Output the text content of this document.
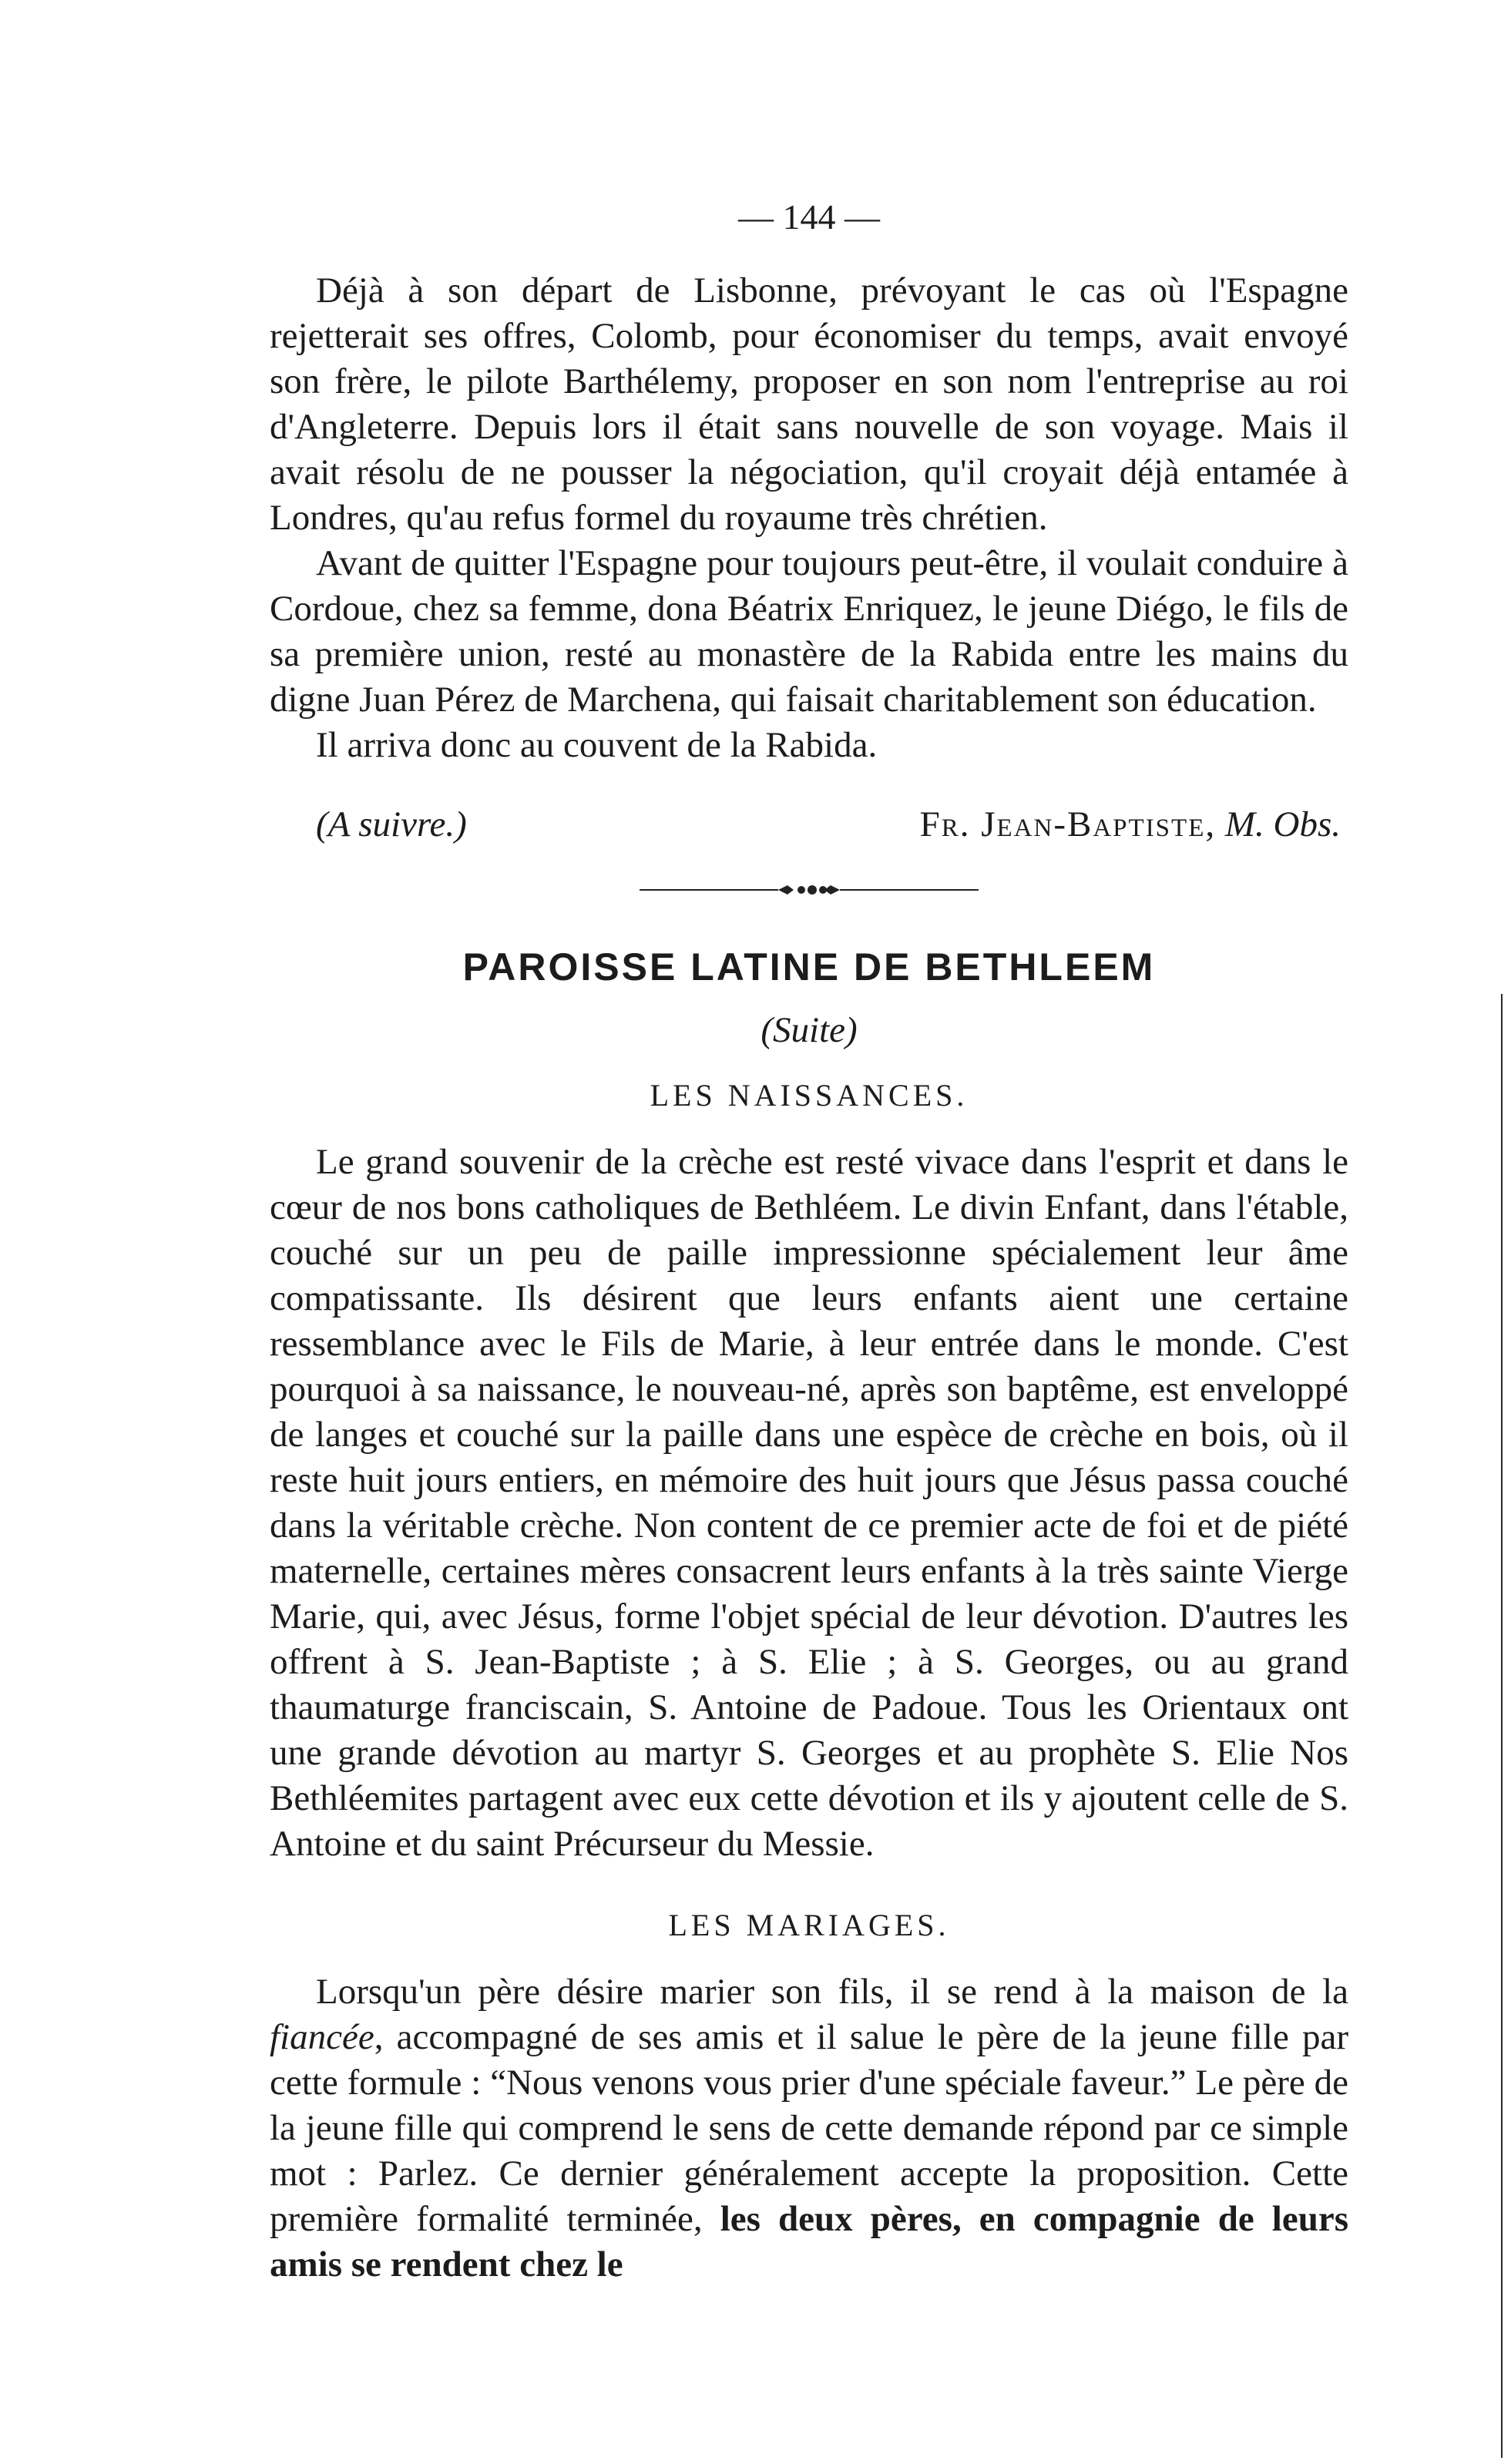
— 144 —

Déjà à son départ de Lisbonne, prévoyant le cas où l'Espagne rejetterait ses offres, Colomb, pour économiser du temps, avait envoyé son frère, le pilote Barthélemy, proposer en son nom l'entreprise au roi d'Angleterre. Depuis lors il était sans nouvelle de son voyage. Mais il avait résolu de ne pousser la négociation, qu'il croyait déjà entamée à Londres, qu'au refus formel du royaume très chrétien.

Avant de quitter l'Espagne pour toujours peut-être, il voulait conduire à Cordoue, chez sa femme, dona Béatrix Enriquez, le jeune Diégo, le fils de sa première union, resté au monastère de la Rabida entre les mains du digne Juan Pérez de Marchena, qui faisait charitablement son éducation.

Il arriva donc au couvent de la Rabida.

(A suivre.)	Fr. Jean-Baptiste, M. Obs.
PAROISSE LATINE DE BETHLEEM
(Suite)
LES NAISSANCES.

Le grand souvenir de la crèche est resté vivace dans l'esprit et dans le cœur de nos bons catholiques de Bethléem. Le divin Enfant, dans l'étable, couché sur un peu de paille impressionne spécialement leur âme compatissante. Ils désirent que leurs enfants aient une certaine ressemblance avec le Fils de Marie, à leur entrée dans le monde. C'est pourquoi à sa naissance, le nouveau-né, après son baptême, est enveloppé de langes et couché sur la paille dans une espèce de crèche en bois, où il reste huit jours entiers, en mémoire des huit jours que Jésus passa couché dans la véritable crèche. Non content de ce premier acte de foi et de piété maternelle, certaines mères consacrent leurs enfants à la très sainte Vierge Marie, qui, avec Jésus, forme l'objet spécial de leur dévotion. D'autres les offrent à S. Jean-Baptiste ; à S. Elie ; à S. Georges, ou au grand thaumaturge franciscain, S. Antoine de Padoue. Tous les Orientaux ont une grande dévotion au martyr S. Georges et au prophète S. Elie Nos Bethléemites partagent avec eux cette dévotion et ils y ajoutent celle de S. Antoine et du saint Précurseur du Messie.

LES MARIAGES.

Lorsqu'un père désire marier son fils, il se rend à la maison de la fiancée, accompagné de ses amis et il salue le père de la jeune fille par cette formule : “Nous venons vous prier d'une spéciale faveur.” Le père de la jeune fille qui comprend le sens de cette demande répond par ce simple mot : Parlez. Ce dernier généralement accepte la proposition. Cette première formalité terminée, les deux pères, en compagnie de leurs amis se rendent chez le
